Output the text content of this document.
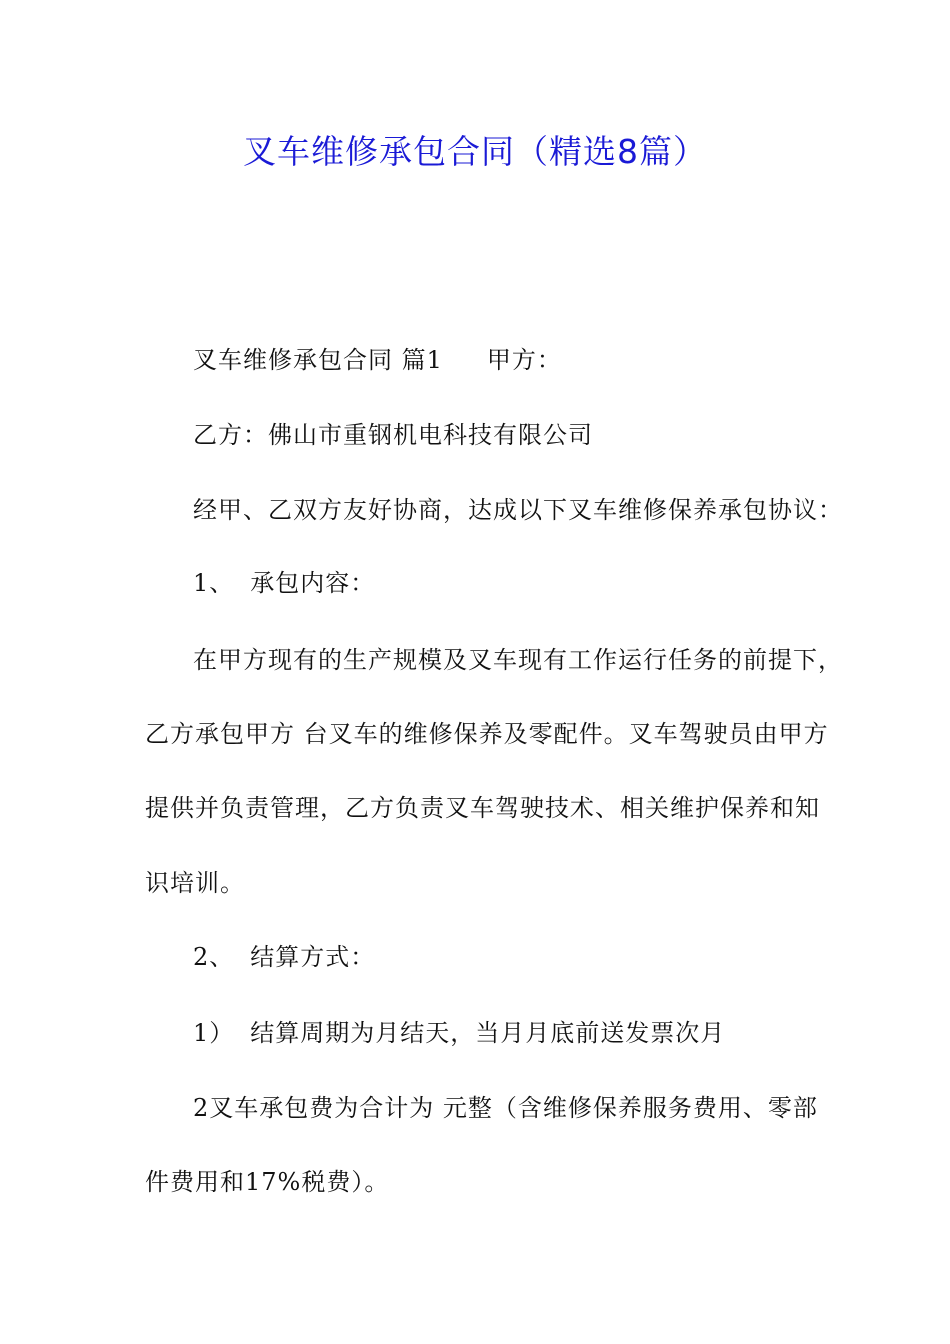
叉车维修承包合同（精选8篇）
叉车维修承包合同 篇1 甲方：
乙方：佛山市重钢机电科技有限公司
经甲、乙双方友好协商，达成以下叉车维修保养承包协议：
1、 承包内容：
在甲方现有的生产规模及叉车现有工作运行任务的前提下，
乙方承包甲方 台叉车的维修保养及零配件。叉车驾驶员由甲方
提供并负责管理，乙方负责叉车驾驶技术、相关维护保养和知
识培训。
2、 结算方式：
1） 结算周期为月结天，当月月底前送发票次月
2叉车承包费为合计为 元整（含维修保养服务费用、零部
件费用和17%税费）。
